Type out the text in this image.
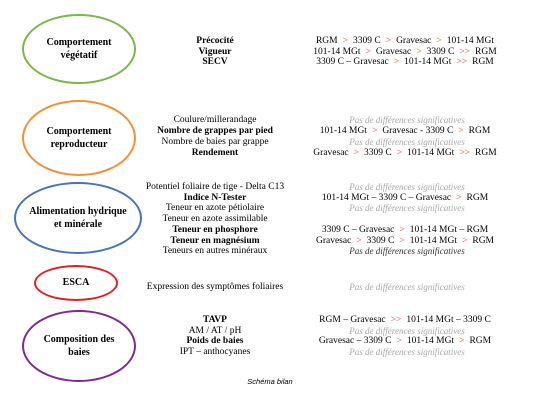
Comportement
végétatif
Comportement
reproducteur
Alimentation hydrique
et minérale
ESCA
Composition des
baies
Précocité	RGM > 3309 C > Gravesac > 101-14 MGt
Vigueur	101-14 MGt > Gravesac > 3309 C >> RGM
SECV	3309 C – Gravesac > 101-14 MGt >> RGM
Coulure/millerandage	Pas de différences significatives
Nombre de grappes par pied	101-14 MGt > Gravesac - 3309 C > RGM
Nombre de baies par grappe	Pas de différences significatives
Rendement	Gravesac > 3309 C > 101-14 MGt >> RGM
Potentiel foliaire de tige - Delta C13	Pas de différences significatives
Indice N-Tester	101-14 MGt – 3309 C – Gravesac > RGM
Teneur en azote pétiolaire	Pas de différences significatives
Teneur en azote assimilable
Teneur en phosphore	3309 C – Gravesac > 101-14 MGt – RGM
Teneur en magnésium	Gravesac > 3309 C > 101-14 MGt > RGM
Teneurs en autres minéraux	Pas de différences significatives
Expression des symptômes foliaires	Pas de différences significatives
TAVP	RGM – Gravesac >> 101-14 MGt – 3309 C
AM / AT / pH	Pas de différences significatives
Poids de baies	Gravesac – 3309 C > 101-14 MGt > RGM
IPT – anthocyanes	Pas de différences significatives
Schéma bilan
